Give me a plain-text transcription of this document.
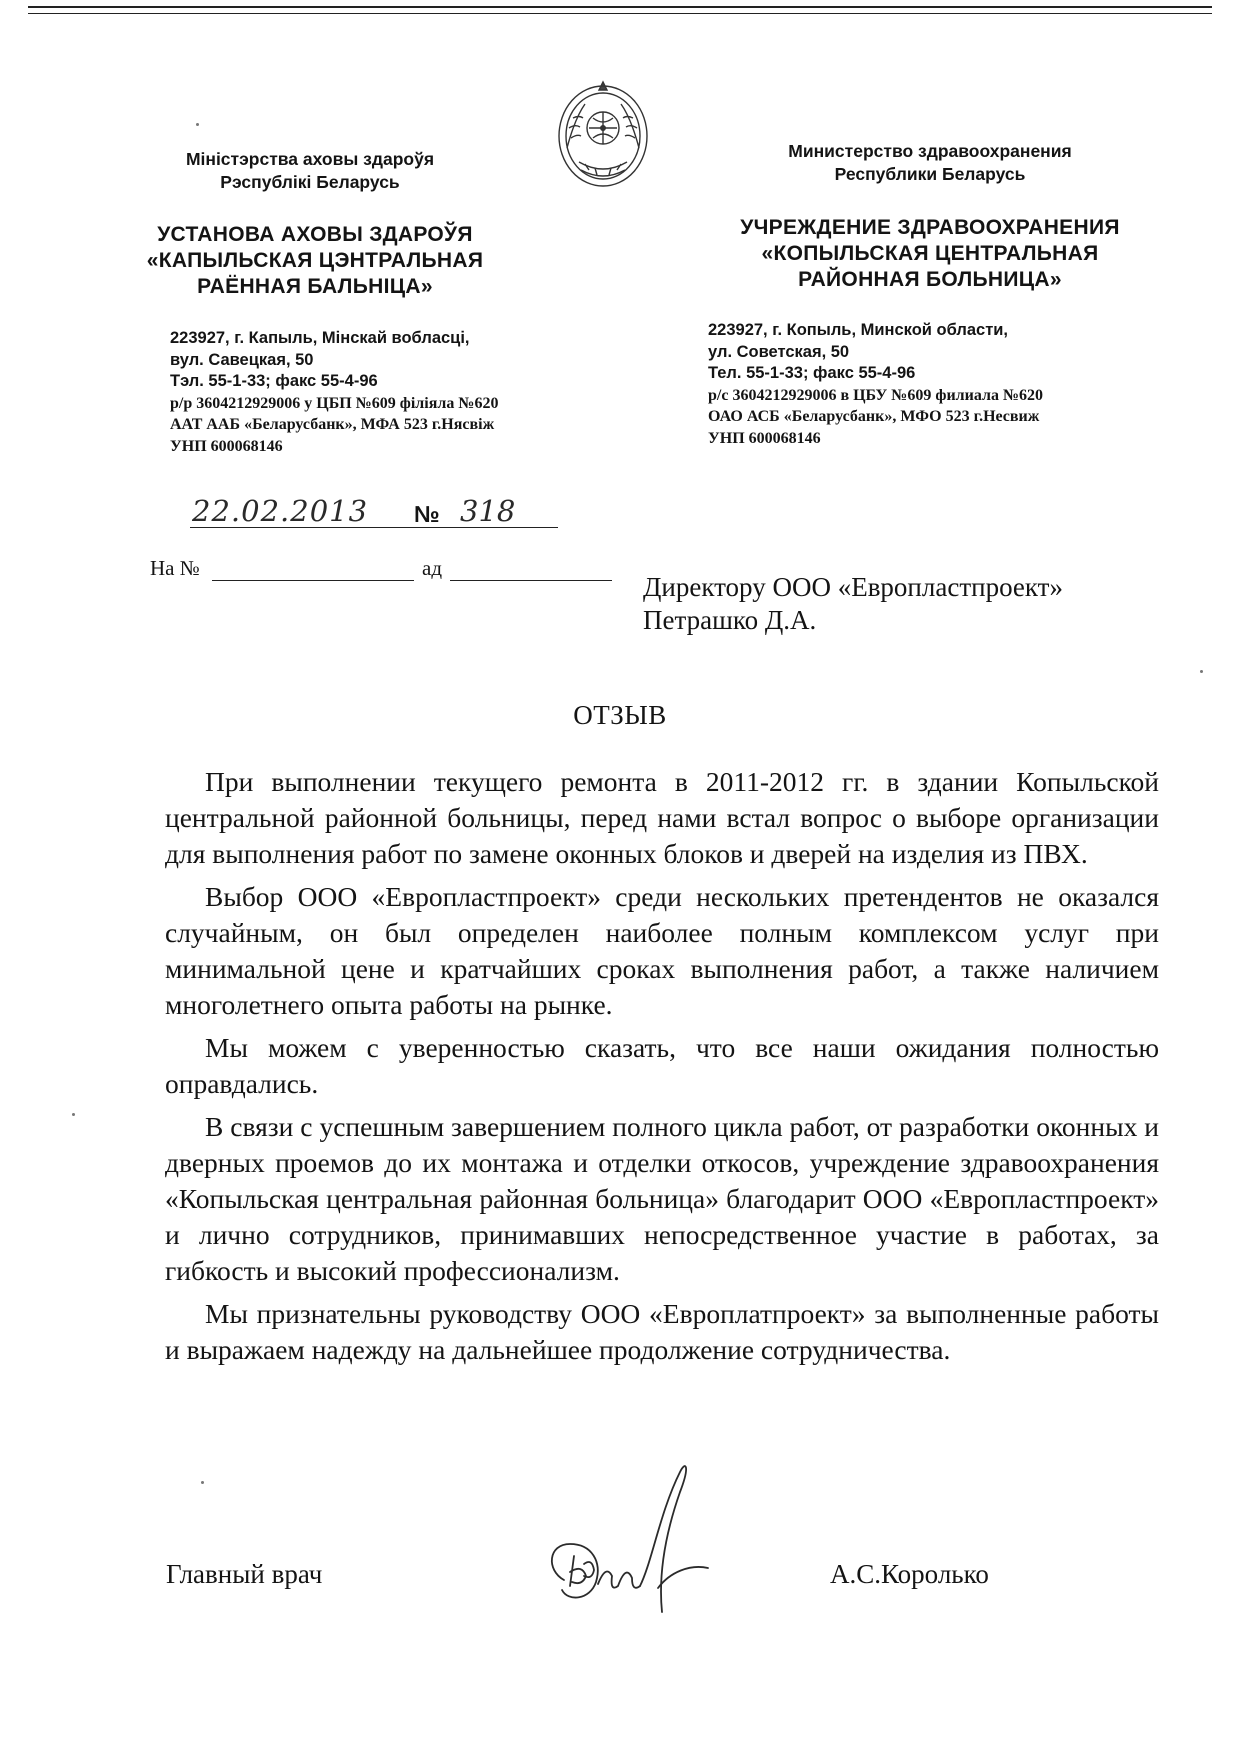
Міністэрства аховы здароўя
Рэспублікі Беларусь
Министерство здравоохранения
Республики Беларусь
УСТАНОВА АХОВЫ ЗДАРОЎЯ
«КАПЫЛЬСКАЯ ЦЭНТРАЛЬНАЯ
РАЁННАЯ БАЛЬНІЦА»
УЧРЕЖДЕНИЕ ЗДРАВООХРАНЕНИЯ
«КОПЫЛЬСКАЯ ЦЕНТРАЛЬНАЯ
РАЙОННАЯ БОЛЬНИЦА»
223927, г. Капыль, Мінскай вобласці,
вул. Савецкая, 50
Тэл. 55-1-33; факс 55-4-96
р/р 3604212929006 у ЦБП №609 філіяла №620
ААТ ААБ «Беларусбанк», МФА 523 г.Нясвіж
УНП 600068146
223927, г. Копыль, Минской области,
ул. Советская, 50
Тел. 55-1-33; факс 55-4-96
р/с 3604212929006 в ЦБУ №609 филиала №620
ОАО АСБ «Беларусбанк», МФО 523 г.Несвиж
УНП 600068146
22.02.2013 № 318
На №	ад
Директору ООО «Европластпроект»
Петрашко Д.А.
ОТЗЫВ

При выполнении текущего ремонта в 2011-2012 гг. в здании Копыльской центральной районной больницы, перед нами встал вопрос о выборе организации для выполнения работ по замене оконных блоков и дверей на изделия из ПВХ.

Выбор ООО «Европластпроект» среди нескольких претендентов не оказался случайным, он был определен наиболее полным комплексом услуг при минимальной цене и кратчайших сроках выполнения работ, а также наличием многолетнего опыта работы на рынке.

Мы можем с уверенностью сказать, что все наши ожидания полностью оправдались.

В связи с успешным завершением полного цикла работ, от разработки оконных и дверных проемов до их монтажа и отделки откосов, учреждение здравоохранения «Копыльская центральная районная больница» благодарит ООО «Европластпроект» и лично сотрудников, принимавших непосредственное участие в работах, за гибкость и высокий профессионализм.

Мы признательны руководству ООО «Европлатпроект» за выполненные работы и выражаем надежду на дальнейшее продолжение сотрудничества.

Главный врач	А.С.Королько
